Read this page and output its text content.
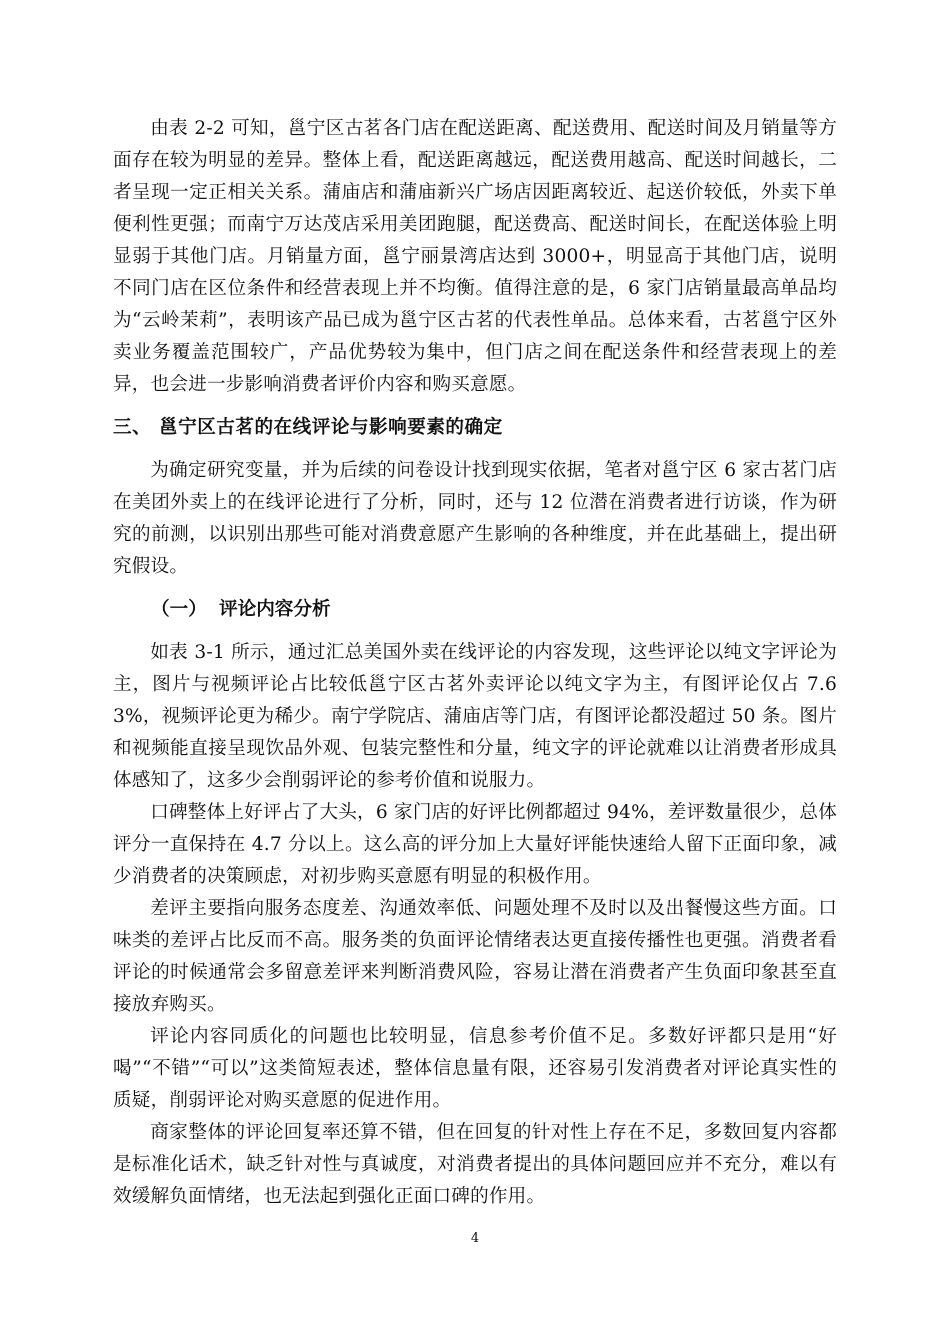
由表 2-2 可知，邕宁区古茗各门店在配送距离、配送费用、配送时间及月销量等方面存在较为明显的差异。整体上看，配送距离越远，配送费用越高、配送时间越长，二者呈现一定正相关关系。蒲庙店和蒲庙新兴广场店因距离较近、起送价较低，外卖下单便利性更强；而南宁万达茂店采用美团跑腿，配送费高、配送时间长，在配送体验上明显弱于其他门店。月销量方面，邕宁丽景湾店达到 3000+，明显高于其他门店，说明不同门店在区位条件和经营表现上并不均衡。值得注意的是，6 家门店销量最高单品均为“云岭茉莉”，表明该产品已成为邕宁区古茗的代表性单品。总体来看，古茗邕宁区外卖业务覆盖范围较广，产品优势较为集中，但门店之间在配送条件和经营表现上的差异，也会进一步影响消费者评价内容和购买意愿。

三、 邕宁区古茗的在线评论与影响要素的确定

为确定研究变量，并为后续的问卷设计找到现实依据，笔者对邕宁区 6 家古茗门店在美团外卖上的在线评论进行了分析，同时，还与 12 位潜在消费者进行访谈，作为研究的前测，以识别出那些可能对消费意愿产生影响的各种维度，并在此基础上，提出研究假设。

（一） 评论内容分析

如表 3-1 所示，通过汇总美国外卖在线评论的内容发现，这些评论以纯文字评论为主，图片与视频评论占比较低邕宁区古茗外卖评论以纯文字为主，有图评论仅占 7.63%，视频评论更为稀少。南宁学院店、蒲庙店等门店，有图评论都没超过 50 条。图片和视频能直接呈现饮品外观、包装完整性和分量，纯文字的评论就难以让消费者形成具体感知了，这多少会削弱评论的参考价值和说服力。

口碑整体上好评占了大头，6 家门店的好评比例都超过 94%，差评数量很少，总体评分一直保持在 4.7 分以上。这么高的评分加上大量好评能快速给人留下正面印象，减少消费者的决策顾虑，对初步购买意愿有明显的积极作用。

差评主要指向服务态度差、沟通效率低、问题处理不及时以及出餐慢这些方面。口味类的差评占比反而不高。服务类的负面评论情绪表达更直接传播性也更强。消费者看评论的时候通常会多留意差评来判断消费风险，容易让潜在消费者产生负面印象甚至直接放弃购买。

评论内容同质化的问题也比较明显，信息参考价值不足。多数好评都只是用“好喝”“不错”“可以”这类简短表述，整体信息量有限，还容易引发消费者对评论真实性的质疑，削弱评论对购买意愿的促进作用。

商家整体的评论回复率还算不错，但在回复的针对性上存在不足，多数回复内容都是标准化话术，缺乏针对性与真诚度，对消费者提出的具体问题回应并不充分，难以有效缓解负面情绪，也无法起到强化正面口碑的作用。

4
